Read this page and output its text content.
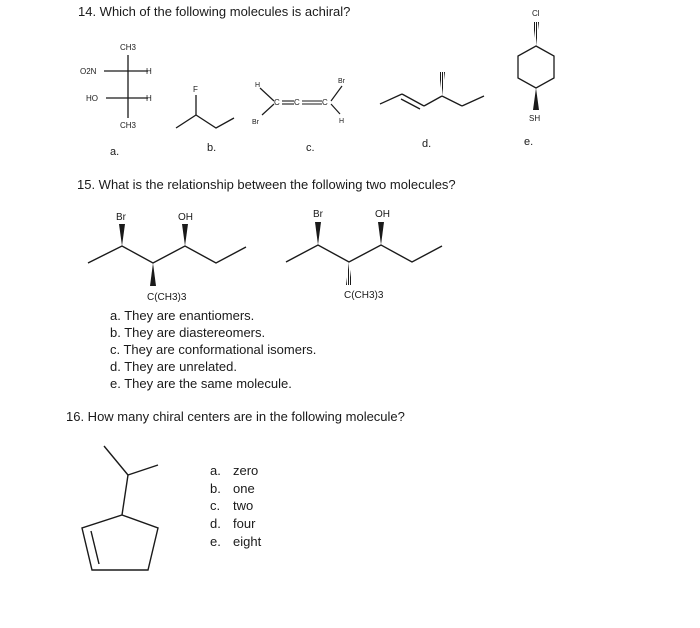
14. Which of the following molecules is achiral?
CH3
O2N	H
HO	H
CH3
F	H
Br
C C	C
Br
H
Cl
SH
Br	OH
C(CH3)3
Br	OH
C(CH3)3
a.	b.	c.	d.	e.
15. What is the relationship between the following two molecules?
a. They are enantiomers.
b. They are diastereomers.
c. They are conformational isomers.
d. They are unrelated.
e. They are the same molecule.
16. How many chiral centers are in the following molecule?
a. zero
b. one
c. two
d. four
e. eight
